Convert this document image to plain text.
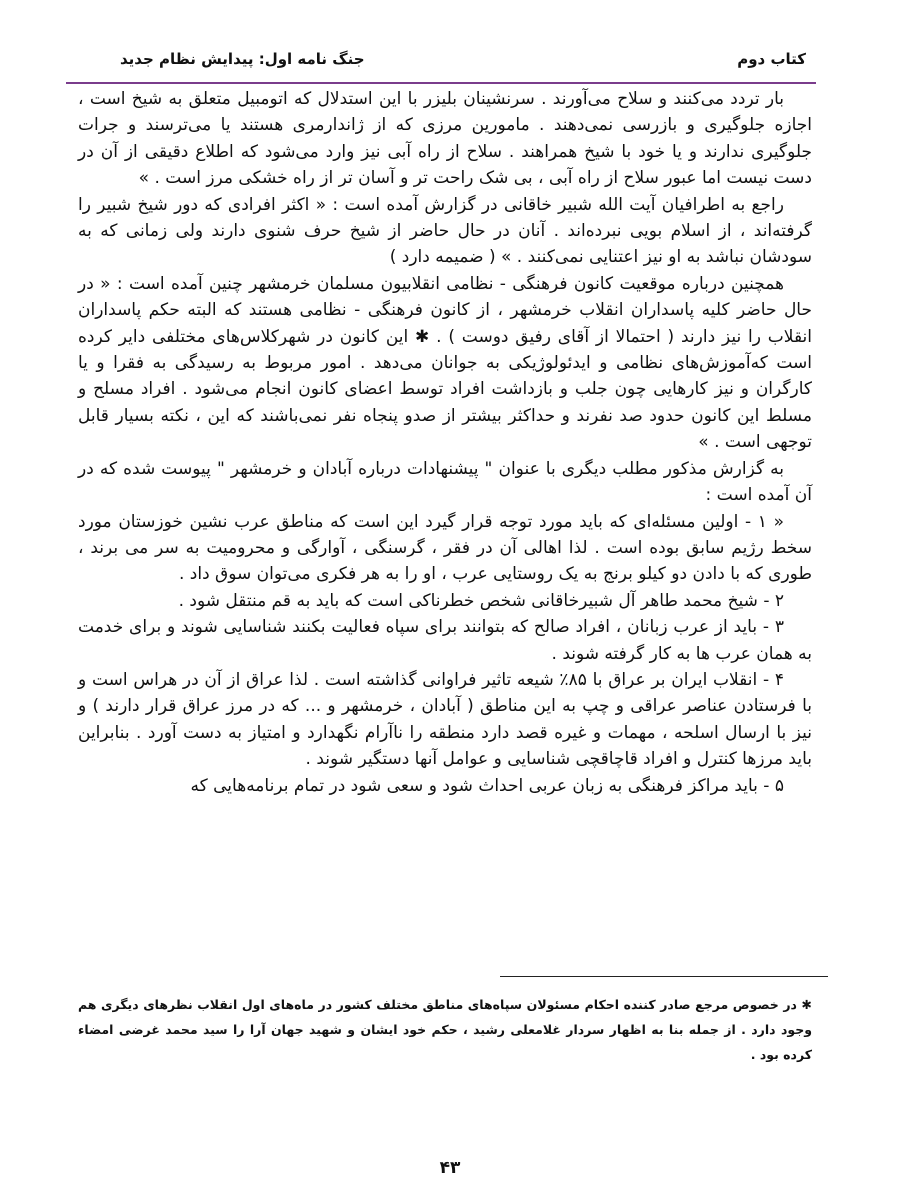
کتاب دوم
جنگ نامه اول: پیدایش نظام جدید

بار تردد می‌کنند و سلاح می‌آورند . سرنشینان بلیزر با این استدلال که اتومبیل متعلق به شیخ است ، اجازه جلوگیری و بازرسی نمی‌دهند . مامورین مرزی که از ژاندارمری هستند یا می‌ترسند و جرات جلوگیری ندارند و یا خود با شیخ همراهند . سلاح از راه آبی نیز وارد می‌شود که اطلاع دقیقی از آن در دست نیست اما عبور سلاح از راه آبی ، بی شک راحت تر و آسان تر از راه خشکی مرز است . »

راجع به اطرافیان آیت الله شبیر خاقانی در گزارش آمده است : « اکثر افرادی که دور شیخ شبیر را گرفته‌اند ، از اسلام بویی نبرده‌اند . آنان در حال حاضر از شیخ حرف شنوی دارند ولی زمانی که به سودشان نباشد به او نیز اعتنایی نمی‌کنند . » ( ضمیمه دارد )

همچنین درباره موقعیت کانون فرهنگی - نظامی انقلابیون مسلمان خرمشهر چنین آمده است : « در حال حاضر کلیه پاسداران انقلاب خرمشهر ، از کانون فرهنگی - نظامی هستند که البته حکم پاسداران انقلاب را نیز دارند ( احتمالا از آقای رفیق دوست ) . ✱ این کانون در شهرکلاس‌های مختلفی دایر کرده است که‌آموزش‌های نظامی و ایدئولوژیکی به جوانان می‌دهد . امور مربوط به رسیدگی به فقرا و یا کارگران و نیز کارهایی چون جلب و بازداشت افراد توسط اعضای کانون انجام می‌شود . افراد مسلح و مسلط این کانون حدود صد نفرند و حداکثر بیشتر از صدو پنجاه نفر نمی‌باشند که این ، نکته بسیار قابل توجهی است . »

به گزارش مذکور مطلب دیگری با عنوان " پیشنهادات درباره آبادان و خرمشهر " پیوست شده که در آن آمده است :

« ۱ - اولین مسئله‌ای که باید مورد توجه قرار گیرد این است که مناطق عرب نشین خوزستان مورد سخط رژیم سابق بوده است . لذا اهالی آن در فقر ، گرسنگی ، آوارگی و محرومیت به سر می برند ، طوری که با دادن دو کیلو برنج به یک روستایی عرب ، او را به هر فکری می‌توان سوق داد .

۲ - شیخ محمد طاهر آل شبیرخاقانی شخص خطرناکی است که باید به قم منتقل شود .

۳ - باید از عرب زبانان ، افراد صالح که بتوانند برای سپاه فعالیت بکنند شناسایی شوند و برای خدمت به همان عرب ها به کار گرفته شوند .

۴ - انقلاب ایران بر عراق با ۸۵٪ شیعه تاثیر فراوانی گذاشته است . لذا عراق از آن در هراس است و با فرستادن عناصر عراقی و چپ به این مناطق ( آبادان ، خرمشهر و ... که در مرز عراق قرار دارند ) و نیز با ارسال اسلحه ، مهمات و غیره قصد دارد منطقه را ناآرام نگهدارد و امتیاز به دست آورد . بنابراین باید مرزها کنترل و افراد قاچاقچی شناسایی و عوامل آنها دستگیر شوند .

۵ - باید مراکز فرهنگی به زبان عربی احداث شود و سعی شود در تمام برنامه‌هایی که

✱ در خصوص مرجع صادر کننده احکام مسئولان سپاه‌های مناطق مختلف کشور در ماه‌های اول انقلاب نظرهای دیگری هم وجود دارد . از جمله بنا به اظهار سردار غلامعلی رشید ، حکم خود ایشان و شهید جهان آرا را سید محمد غرضی امضاء کرده بود .

۴۳
